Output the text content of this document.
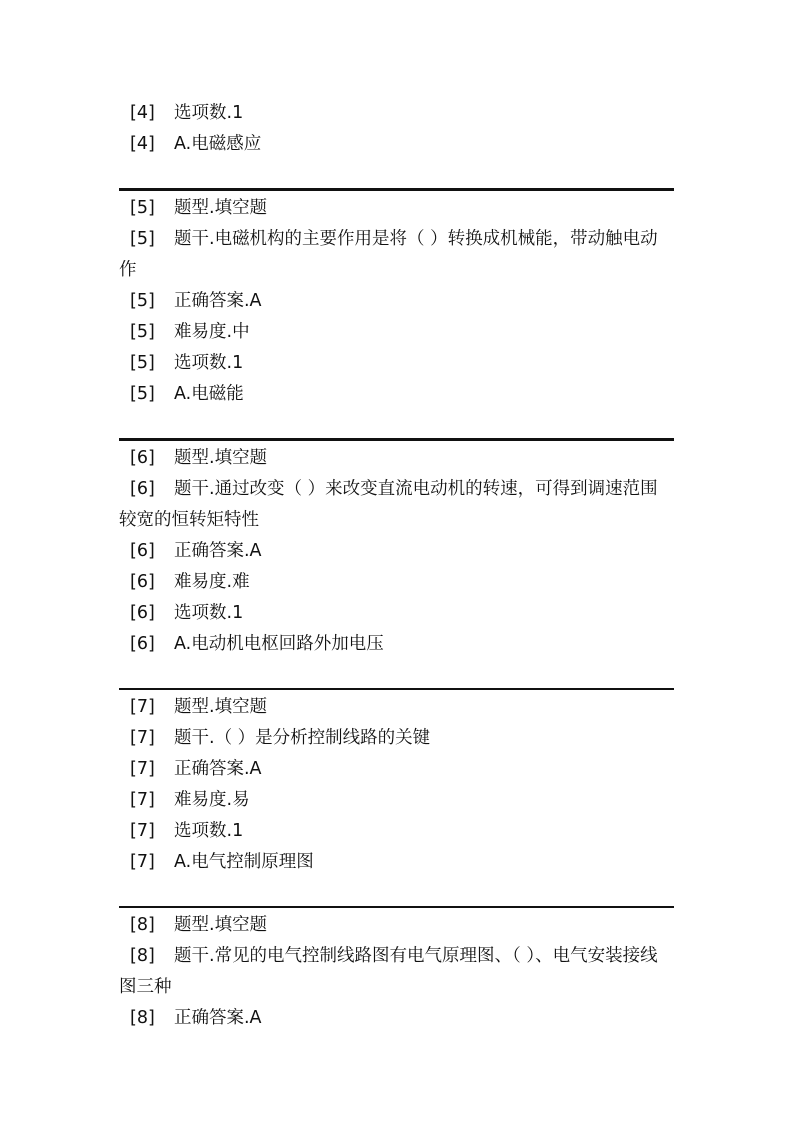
[4] 选项数.1
[4] A.电磁感应
[5] 题型.填空题
[5]	题干.电磁机构的主要作用是将（ ）转换成机械能，带动触电动作
[5] 正确答案.A
[5] 难易度.中
[5] 选项数.1
[5] A.电磁能
[6] 题型.填空题
[6]	题干.通过改变（ ）来改变直流电动机的转速，可得到调速范围较宽的恒转矩特性
[6] 正确答案.A
[6] 难易度.难
[6] 选项数.1
[6] A.电动机电枢回路外加电压
[7] 题型.填空题
[7] 题干.（ ）是分析控制线路的关键
[7] 正确答案.A
[7] 难易度.易
[7] 选项数.1
[7] A.电气控制原理图
[8] 题型.填空题
[8]	题干.常见的电气控制线路图有电气原理图、（ ）、电气安装接线图三种
[8] 正确答案.A
